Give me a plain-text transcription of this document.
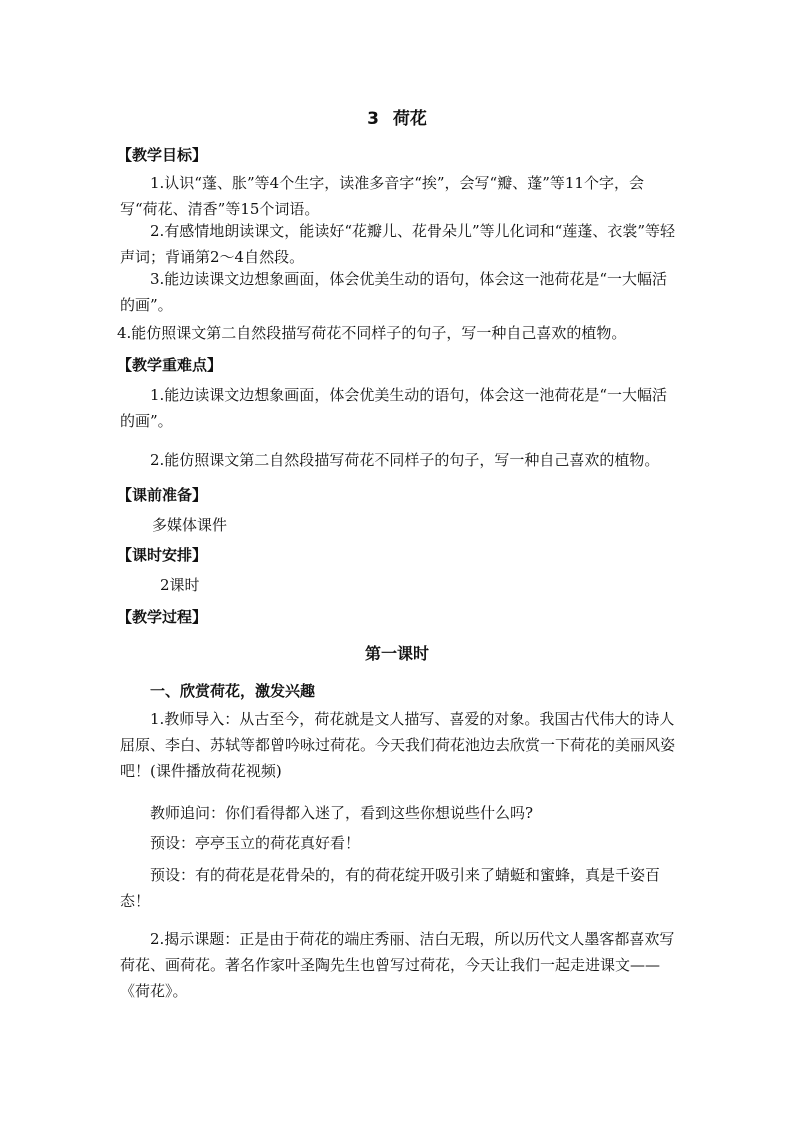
3 荷花
【教学目标】
1.认识“蓬、胀”等4个生字，读准多音字“挨”，会写“瓣、蓬”等11个字，会写“荷花、清香”等15个词语。
2.有感情地朗读课文，能读好“花瓣儿、花骨朵儿”等儿化词和“莲蓬、衣裳”等轻声词；背诵第2～4自然段。
3.能边读课文边想象画面，体会优美生动的语句，体会这一池荷花是“一大幅活的画”。
4.能仿照课文第二自然段描写荷花不同样子的句子，写一种自己喜欢的植物。
【教学重难点】
1.能边读课文边想象画面，体会优美生动的语句，体会这一池荷花是“一大幅活的画”。
2.能仿照课文第二自然段描写荷花不同样子的句子，写一种自己喜欢的植物。
【课前准备】
多媒体课件
【课时安排】
2课时
【教学过程】
第一课时
一、欣赏荷花，激发兴趣
1.教师导入：从古至今，荷花就是文人描写、喜爱的对象。我国古代伟大的诗人屈原、李白、苏轼等都曾吟咏过荷花。今天我们荷花池边去欣赏一下荷花的美丽风姿吧！(课件播放荷花视频)
教师追问：你们看得都入迷了，看到这些你想说些什么吗?
预设：亭亭玉立的荷花真好看！
预设：有的荷花是花骨朵的，有的荷花绽开吸引来了蜻蜓和蜜蜂，真是千姿百态！
2.揭示课题：正是由于荷花的端庄秀丽、洁白无瑕，所以历代文人墨客都喜欢写荷花、画荷花。著名作家叶圣陶先生也曾写过荷花，今天让我们一起走进课文——《荷花》。
